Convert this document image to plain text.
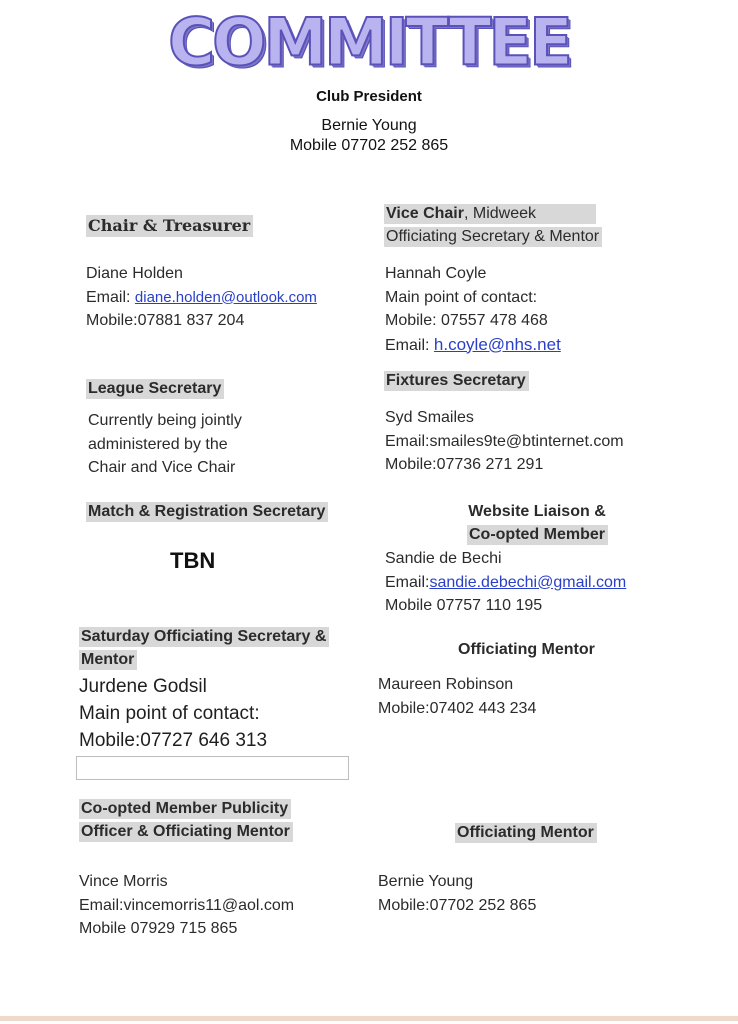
COMMITTEE
Club President
Bernie Young
Mobile 07702 252 865
Chair & Treasurer
Diane Holden
Email: diane.holden@outlook.com
Mobile:07881 837 204
League Secretary
Currently being jointly
administered by the
Chair and Vice Chair
Match & Registration Secretary
TBN
Saturday Officiating Secretary &
Mentor
Jurdene Godsil
Main point of contact:
Mobile:07727 646 313
Co-opted Member Publicity
Officer & Officiating Mentor
Vince Morris
Email:vincemorris11@aol.com
Mobile 07929 715 865
Vice Chair, Midweek
Officiating Secretary & Mentor
Hannah Coyle
Main point of contact:
Mobile: 07557 478 468
Email: h.coyle@nhs.net
Fixtures Secretary
Syd Smailes
Email:smailes9te@btinternet.com
Mobile:07736 271 291
Website Liaison &
Co-opted Member
Sandie de Bechi
Email:sandie.debechi@gmail.com
Mobile 07757 110 195
Officiating Mentor
Maureen Robinson
Mobile:07402 443 234
Officiating Mentor
Bernie Young
Mobile:07702 252 865
